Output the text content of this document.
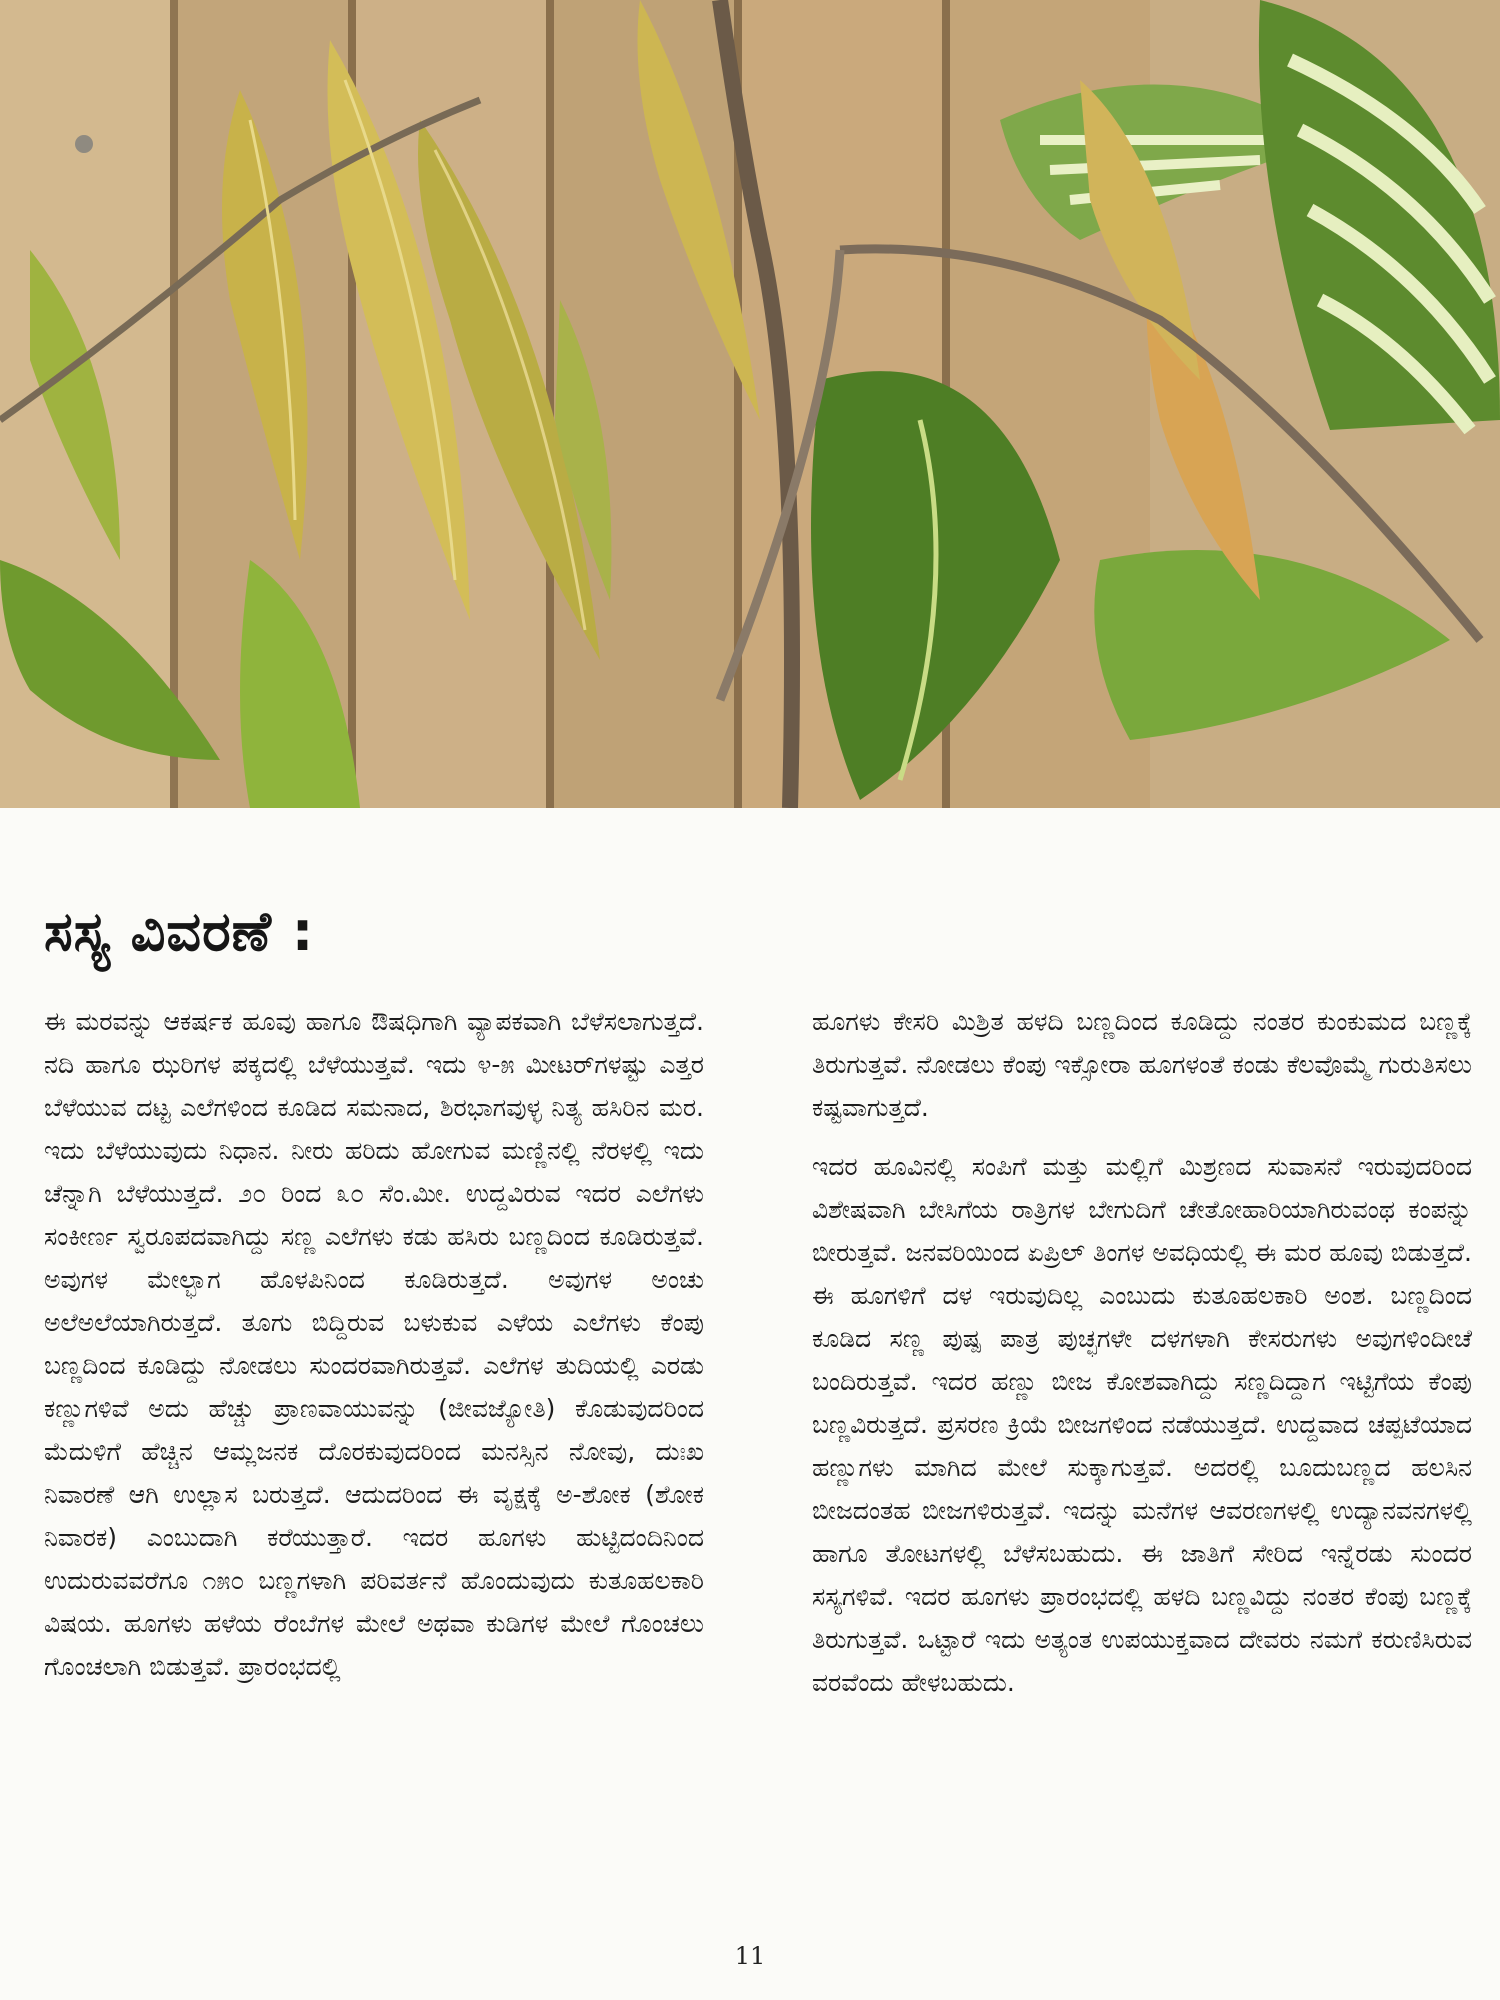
ಸಸ್ಯ ವಿವರಣೆ :

ಈ ಮರವನ್ನು ಆಕರ್ಷಕ ಹೂವು ಹಾಗೂ ಔಷಧಿಗಾಗಿ ವ್ಯಾಪಕವಾಗಿ ಬೆಳೆಸಲಾಗುತ್ತದೆ. ನದಿ ಹಾಗೂ ಝರಿಗಳ ಪಕ್ಕದಲ್ಲಿ ಬೆಳೆಯುತ್ತವೆ. ಇದು ೪-೫ ಮೀಟರ್‌ಗಳಷ್ಟು ಎತ್ತರ ಬೆಳೆಯುವ ದಟ್ಟ ಎಲೆಗಳಿಂದ ಕೂಡಿದ ಸಮನಾದ, ಶಿರಭಾಗವುಳ್ಳ ನಿತ್ಯ ಹಸಿರಿನ ಮರ. ಇದು ಬೆಳೆಯುವುದು ನಿಧಾನ. ನೀರು ಹರಿದು ಹೋಗುವ ಮಣ್ಣಿನಲ್ಲಿ ನೆರಳಲ್ಲಿ ಇದು ಚೆನ್ನಾಗಿ ಬೆಳೆಯುತ್ತದೆ. ೨೦ ರಿಂದ ೩೦ ಸೆಂ.ಮೀ. ಉದ್ದವಿರುವ ಇದರ ಎಲೆಗಳು ಸಂಕೀರ್ಣ ಸ್ವರೂಪದವಾಗಿದ್ದು ಸಣ್ಣ ಎಲೆಗಳು ಕಡು ಹಸಿರು ಬಣ್ಣದಿಂದ ಕೂಡಿರುತ್ತವೆ. ಅವುಗಳ ಮೇಲ್ಭಾಗ ಹೊಳಪಿನಿಂದ ಕೂಡಿರುತ್ತದೆ. ಅವುಗಳ ಅಂಚು ಅಲೆಅಲೆಯಾಗಿರುತ್ತದೆ. ತೂಗು ಬಿದ್ದಿರುವ ಬಳುಕುವ ಎಳೆಯ ಎಲೆಗಳು ಕೆಂಪು ಬಣ್ಣದಿಂದ ಕೂಡಿದ್ದು ನೋಡಲು ಸುಂದರವಾಗಿರುತ್ತವೆ. ಎಲೆಗಳ ತುದಿಯಲ್ಲಿ ಎರಡು ಕಣ್ಣುಗಳಿವೆ ಅದು ಹೆಚ್ಚು ಪ್ರಾಣವಾಯುವನ್ನು (ಜೀವಜ್ಯೋತಿ) ಕೊಡುವುದರಿಂದ ಮೆದುಳಿಗೆ ಹೆಚ್ಚಿನ ಆಮ್ಲಜನಕ ದೊರಕುವುದರಿಂದ ಮನಸ್ಸಿನ ನೋವು, ದುಃಖ ನಿವಾರಣೆ ಆಗಿ ಉಲ್ಲಾಸ ಬರುತ್ತದೆ. ಆದುದರಿಂದ ಈ ವೃಕ್ಷಕ್ಕೆ ಅ-ಶೋಕ (ಶೋಕ ನಿವಾರಕ) ಎಂಬುದಾಗಿ ಕರೆಯುತ್ತಾರೆ. ಇದರ ಹೂಗಳು ಹುಟ್ಟಿದಂದಿನಿಂದ ಉದುರುವವರೆಗೂ ೧೫೦ ಬಣ್ಣಗಳಾಗಿ ಪರಿವರ್ತನೆ ಹೊಂದುವುದು ಕುತೂಹಲಕಾರಿ ವಿಷಯ. ಹೂಗಳು ಹಳೆಯ ರೆಂಬೆಗಳ ಮೇಲೆ ಅಥವಾ ಕುಡಿಗಳ ಮೇಲೆ ಗೊಂಚಲು ಗೊಂಚಲಾಗಿ ಬಿಡುತ್ತವೆ. ಪ್ರಾರಂಭದಲ್ಲಿ

ಹೂಗಳು ಕೇಸರಿ ಮಿಶ್ರಿತ ಹಳದಿ ಬಣ್ಣದಿಂದ ಕೂಡಿದ್ದು ನಂತರ ಕುಂಕುಮದ ಬಣ್ಣಕ್ಕೆ ತಿರುಗುತ್ತವೆ. ನೋಡಲು ಕೆಂಪು ಇಕ್ಸೋರಾ ಹೂಗಳಂತೆ ಕಂಡು ಕೆಲವೊಮ್ಮೆ ಗುರುತಿಸಲು ಕಷ್ಟವಾಗುತ್ತದೆ.

ಇದರ ಹೂವಿನಲ್ಲಿ ಸಂಪಿಗೆ ಮತ್ತು ಮಲ್ಲಿಗೆ ಮಿಶ್ರಣದ ಸುವಾಸನೆ ಇರುವುದರಿಂದ ವಿಶೇಷವಾಗಿ ಬೇಸಿಗೆಯ ರಾತ್ರಿಗಳ ಬೇಗುದಿಗೆ ಚೇತೋಹಾರಿಯಾಗಿರುವಂಥ ಕಂಪನ್ನು ಬೀರುತ್ತವೆ. ಜನವರಿಯಿಂದ ಏಪ್ರಿಲ್ ತಿಂಗಳ ಅವಧಿಯಲ್ಲಿ ಈ ಮರ ಹೂವು ಬಿಡುತ್ತದೆ. ಈ ಹೂಗಳಿಗೆ ದಳ ಇರುವುದಿಲ್ಲ ಎಂಬುದು ಕುತೂಹಲಕಾರಿ ಅಂಶ. ಬಣ್ಣದಿಂದ ಕೂಡಿದ ಸಣ್ಣ ಪುಷ್ಪ ಪಾತ್ರ ಪುಚ್ಛಗಳೇ ದಳಗಳಾಗಿ ಕೇಸರುಗಳು ಅವುಗಳಿಂದೀಚೆ ಬಂದಿರುತ್ತವೆ. ಇದರ ಹಣ್ಣು ಬೀಜ ಕೋಶವಾಗಿದ್ದು ಸಣ್ಣದಿದ್ದಾಗ ಇಟ್ಟಿಗೆಯ ಕೆಂಪು ಬಣ್ಣವಿರುತ್ತದೆ. ಪ್ರಸರಣ ಕ್ರಿಯೆ ಬೀಜಗಳಿಂದ ನಡೆಯುತ್ತದೆ. ಉದ್ದವಾದ ಚಪ್ಪಟೆಯಾದ ಹಣ್ಣುಗಳು ಮಾಗಿದ ಮೇಲೆ ಸುಕ್ಕಾಗುತ್ತವೆ. ಅದರಲ್ಲಿ ಬೂದುಬಣ್ಣದ ಹಲಸಿನ ಬೀಜದಂತಹ ಬೀಜಗಳಿರುತ್ತವೆ. ಇದನ್ನು ಮನೆಗಳ ಆವರಣಗಳಲ್ಲಿ ಉದ್ಯಾನವನಗಳಲ್ಲಿ ಹಾಗೂ ತೋಟಗಳಲ್ಲಿ ಬೆಳೆಸಬಹುದು. ಈ ಜಾತಿಗೆ ಸೇರಿದ ಇನ್ನೆರಡು ಸುಂದರ ಸಸ್ಯಗಳಿವೆ. ಇದರ ಹೂಗಳು ಪ್ರಾರಂಭದಲ್ಲಿ ಹಳದಿ ಬಣ್ಣವಿದ್ದು ನಂತರ ಕೆಂಪು ಬಣ್ಣಕ್ಕೆ ತಿರುಗುತ್ತವೆ. ಒಟ್ಟಾರೆ ಇದು ಅತ್ಯಂತ ಉಪಯುಕ್ತವಾದ ದೇವರು ನಮಗೆ ಕರುಣಿಸಿರುವ ವರವೆಂದು ಹೇಳಬಹುದು.

11
